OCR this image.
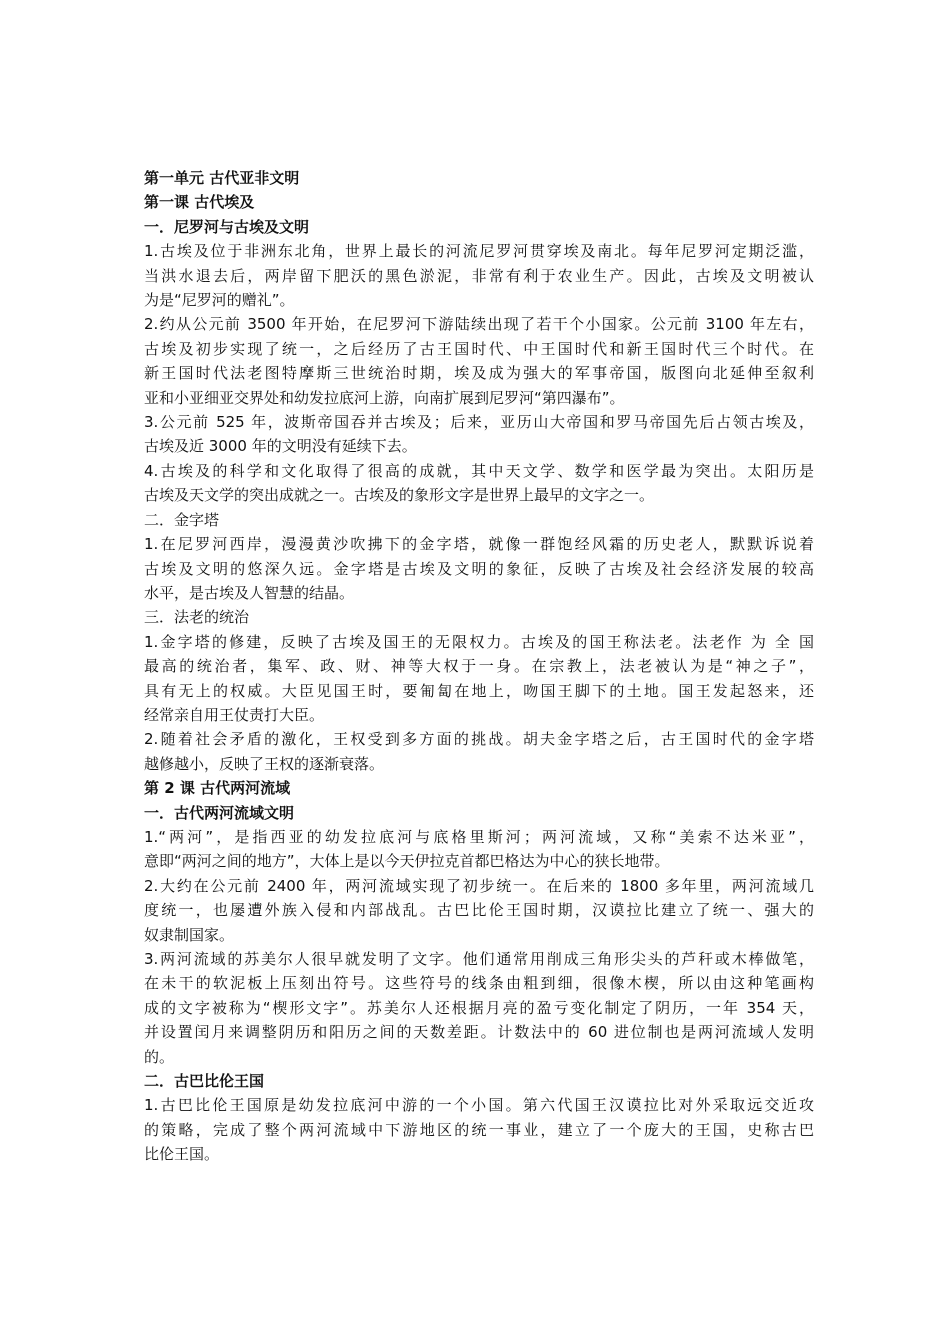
第一单元 古代亚非文明
第一课 古代埃及
一．尼罗河与古埃及文明
1.古埃及位于非洲东北角，世界上最长的河流尼罗河贯穿埃及南北。每年尼罗河定期泛滥，
当洪水退去后，两岸留下肥沃的黑色淤泥，非常有利于农业生产。因此，古埃及文明被认
为是“尼罗河的赠礼”。
2.约从公元前 3500 年开始，在尼罗河下游陆续出现了若干个小国家。公元前 3100 年左右，
古埃及初步实现了统一，之后经历了古王国时代、中王国时代和新王国时代三个时代。在
新王国时代法老图特摩斯三世统治时期，埃及成为强大的军事帝国，版图向北延伸至叙利
亚和小亚细亚交界处和幼发拉底河上游，向南扩展到尼罗河“第四瀑布”。
3.公元前 525 年，波斯帝国吞并古埃及；后来，亚历山大帝国和罗马帝国先后占领古埃及，
古埃及近 3000 年的文明没有延续下去。
4.古埃及的科学和文化取得了很高的成就，其中天文学、数学和医学最为突出。太阳历是
古埃及天文学的突出成就之一。古埃及的象形文字是世界上最早的文字之一。
二．金字塔
1.在尼罗河西岸，漫漫黄沙吹拂下的金字塔，就像一群饱经风霜的历史老人，默默诉说着
古埃及文明的悠深久远。金字塔是古埃及文明的象征，反映了古埃及社会经济发展的较高
水平，是古埃及人智慧的结晶。
三．法老的统治
1.金字塔的修建，反映了古埃及国王的无限权力。古埃及的国王称法老。法老作 为 全 国
最高的统治者，集军、政、财、神等大权于一身。在宗教上，法老被认为是“神之子”，
具有无上的权威。大臣见国王时，要匍匐在地上，吻国王脚下的土地。国王发起怒来，还
经常亲自用王仗责打大臣。
2.随着社会矛盾的激化，王权受到多方面的挑战。胡夫金字塔之后，古王国时代的金字塔
越修越小，反映了王权的逐渐衰落。
第 2 课 古代两河流域
一．古代两河流域文明
1.“两河”，是指西亚的幼发拉底河与底格里斯河；两河流域，又称“美索不达米亚”，
意即“两河之间的地方”，大体上是以今天伊拉克首都巴格达为中心的狭长地带。
2.大约在公元前 2400 年，两河流域实现了初步统一。在后来的 1800 多年里，两河流域几
度统一，也屡遭外族入侵和内部战乱。古巴比伦王国时期，汉谟拉比建立了统一、强大的
奴隶制国家。
3.两河流域的苏美尔人很早就发明了文字。他们通常用削成三角形尖头的芦秆或木棒做笔，
在未干的软泥板上压刻出符号。这些符号的线条由粗到细，很像木楔，所以由这种笔画构
成的文字被称为“楔形文字”。苏美尔人还根据月亮的盈亏变化制定了阴历，一年 354 天，
并设置闰月来调整阴历和阳历之间的天数差距。计数法中的 60 进位制也是两河流域人发明
的。
二．古巴比伦王国
1.古巴比伦王国原是幼发拉底河中游的一个小国。第六代国王汉谟拉比对外采取远交近攻
的策略，完成了整个两河流域中下游地区的统一事业，建立了一个庞大的王国，史称古巴
比伦王国。
